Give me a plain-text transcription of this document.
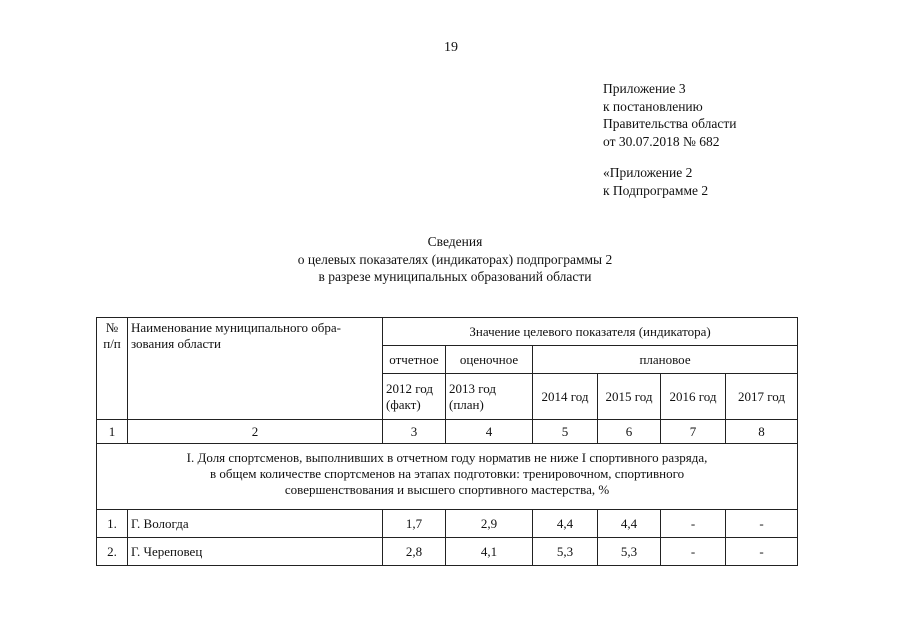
19
Приложение 3
к постановлению
Правительства области
от 30.07.2018 № 682
«Приложение 2
к Подпрограмме 2
Сведения
о целевых показателях (индикаторах) подпрограммы 2
в разрезе муниципальных образований области
№ п/п	Наименование муниципального обра-зования области	Значение целевого показателя (индикатора)					
		отчетное	оценочное	плановое			
		2012 год (факт)	2013 год (план)	2014 год	2015 год	2016 год	2017 год
1	2	3	4	5	6	7	8

I. Доля спортсменов, выполнивших в отчетном году норматив не ниже I спортивного разряда,
в общем количестве спортсменов на этапах подготовки: тренировочном, спортивного
совершенствования и высшего спортивного мастерства, %							

1.	Г. Вологда	1,7	2,9	4,4	4,4	-	-
2.	Г. Череповец	2,8	4,1	5,3	5,3	-	-
